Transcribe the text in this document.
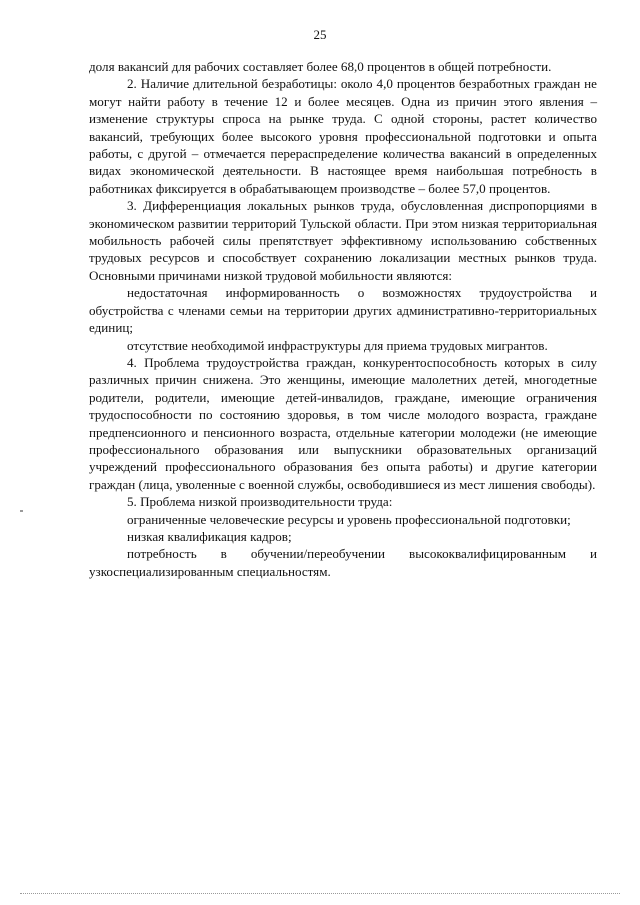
25

доля вакансий для рабочих составляет более 68,0 процентов в общей потребности.

2. Наличие длительной безработицы: около 4,0 процентов безработных граждан не могут найти работу в течение 12 и более месяцев. Одна из причин этого явления – изменение структуры спроса на рынке труда. С одной стороны, растет количество вакансий, требующих более высокого уровня профессиональной подготовки и опыта работы, с другой – отмечается перераспределение количества вакансий в определенных видах экономической деятельности. В настоящее время наибольшая потребность в работниках фиксируется в обрабатывающем производстве – более 57,0 процентов.

3. Дифференциация локальных рынков труда, обусловленная диспропорциями в экономическом развитии территорий Тульской области. При этом низкая территориальная мобильность рабочей силы препятствует эффективному использованию собственных трудовых ресурсов и способствует сохранению локализации местных рынков труда. Основными причинами низкой трудовой мобильности являются:

недостаточная информированность о возможностях трудоустройства и обустройства с членами семьи на территории других административно-территориальных единиц;

отсутствие необходимой инфраструктуры для приема трудовых мигрантов.

4. Проблема трудоустройства граждан, конкурентоспособность которых в силу различных причин снижена. Это женщины, имеющие малолетних детей, многодетные родители, родители, имеющие детей-инвалидов, граждане, имеющие ограничения трудоспособности по состоянию здоровья, в том числе молодого возраста, граждане предпенсионного и пенсионного возраста, отдельные категории молодежи (не имеющие профессионального образования или выпускники образовательных организаций учреждений профессионального образования без опыта работы) и другие категории граждан (лица, уволенные с военной службы, освободившиеся из мест лишения свободы).

5. Проблема низкой производительности труда:

ограниченные человеческие ресурсы и уровень профессиональной подготовки;

низкая квалификация кадров;

потребность в обучении/переобучении высококвалифицированным и узкоспециализированным специальностям.
